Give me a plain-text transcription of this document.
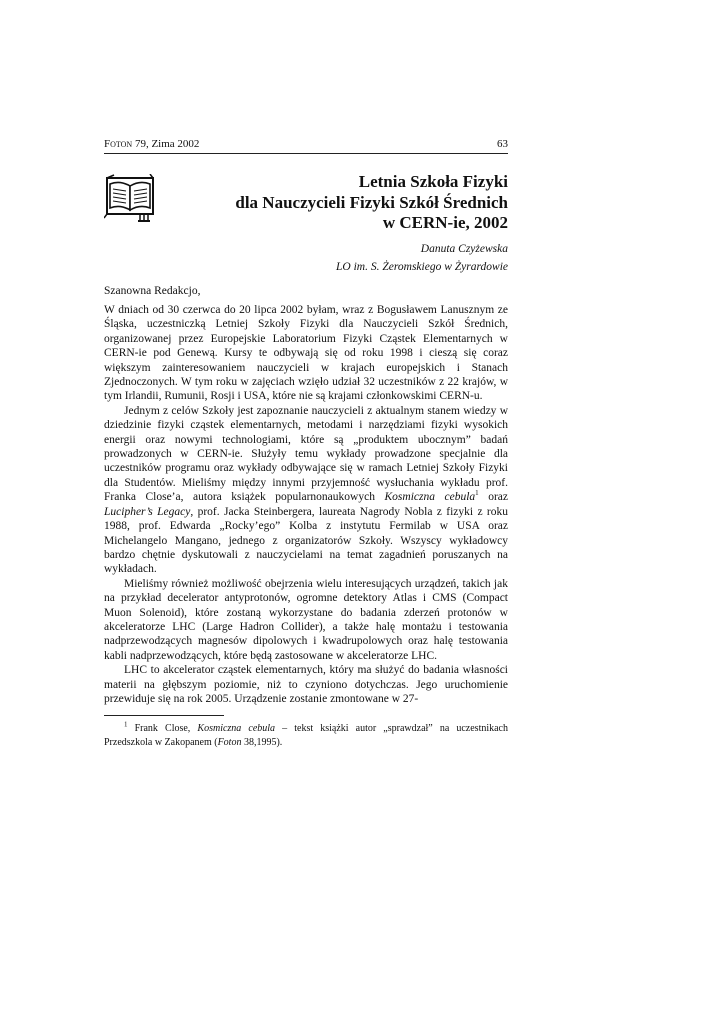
Foton 79, Zima 2002	63
Letnia Szkoła Fizyki
dla Nauczycieli Fizyki Szkół Średnich
w CERN-ie, 2002
Danuta Czyżewska
LO im. S. Żeromskiego w Żyrardowie
Szanowna Redakcjo,

W dniach od 30 czerwca do 20 lipca 2002 byłam, wraz z Bogusławem Lanusznym ze Śląska, uczestniczką Letniej Szkoły Fizyki dla Nauczycieli Szkół Średnich, organizowanej przez Europejskie Laboratorium Fizyki Cząstek Elementarnych w CERN-ie pod Genewą. Kursy te odbywają się od roku 1998 i cieszą się coraz większym zainteresowaniem nauczycieli w krajach europejskich i Stanach Zjednoczonych. W tym roku w zajęciach wzięło udział 32 uczestników z 22 krajów, w tym Irlandii, Rumunii, Rosji i USA, które nie są krajami członkowskimi CERN-u.

Jednym z celów Szkoły jest zapoznanie nauczycieli z aktualnym stanem wiedzy w dziedzinie fizyki cząstek elementarnych, metodami i narzędziami fizyki wysokich energii oraz nowymi technologiami, które są „produktem ubocznym” badań prowadzonych w CERN-ie. Służyły temu wykłady prowadzone specjalnie dla uczestników programu oraz wykłady odbywające się w ramach Letniej Szkoły Fizyki dla Studentów. Mieliśmy między innymi przyjemność wysłuchania wykładu prof. Franka Close’a, autora książek popularnonaukowych Kosmiczna cebula$^1$ oraz Lucipher’s Legacy, prof. Jacka Steinbergera, laureata Nagrody Nobla z fizyki z roku 1988, prof. Edwarda „Rocky’ego” Kolba z instytutu Fermilab w USA oraz Michelangelo Mangano, jednego z organizatorów Szkoły. Wszyscy wykładowcy bardzo chętnie dyskutowali z nauczycielami na temat zagadnień poruszanych na wykładach.

Mieliśmy również możliwość obejrzenia wielu interesujących urządzeń, takich jak na przykład decelerator antyprotonów, ogromne detektory Atlas i CMS (Compact Muon Solenoid), które zostaną wykorzystane do badania zderzeń protonów w akceleratorze LHC (Large Hadron Collider), a także halę montażu i testowania nadprzewodzących magnesów dipolowych i kwadrupolowych oraz halę testowania kabli nadprzewodzących, które będą zastosowane w akceleratorze LHC.

LHC to akcelerator cząstek elementarnych, który ma służyć do badania własności materii na głębszym poziomie, niż to czyniono dotychczas. Jego uruchomienie przewiduje się na rok 2005. Urządzenie zostanie zmontowane w 27-

$^1$ Frank Close, Kosmiczna cebula – tekst książki autor „sprawdzał” na uczestnikach Przedszkola w Zakopanem (Foton 38,1995).
